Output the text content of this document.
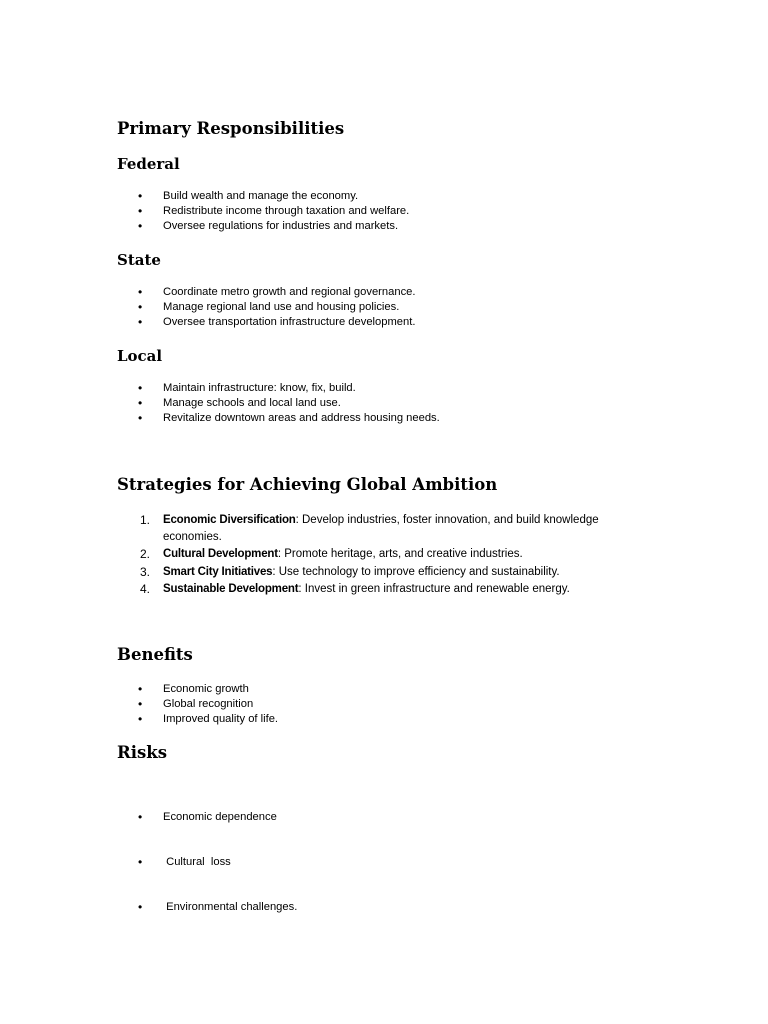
Primary Responsibilities
Federal
• Build wealth and manage the economy.
• Redistribute income through taxation and welfare.
• Oversee regulations for industries and markets.
State
• Coordinate metro growth and regional governance.
• Manage regional land use and housing policies.
• Oversee transportation infrastructure development.
Local
• Maintain infrastructure: know, fix, build.
• Manage schools and local land use.
• Revitalize downtown areas and address housing needs.
Strategies for Achieving Global Ambition
1. Economic Diversification: Develop industries, foster innovation, and build knowledge economies.
2. Cultural Development: Promote heritage, arts, and creative industries.
3. Smart City Initiatives: Use technology to improve efficiency and sustainability.
4. Sustainable Development: Invest in green infrastructure and renewable energy.
Benefits
• Economic growth
• Global recognition
• Improved quality of life.
Risks

• Economic dependence

•  Cultural  loss

•  Environmental challenges.
